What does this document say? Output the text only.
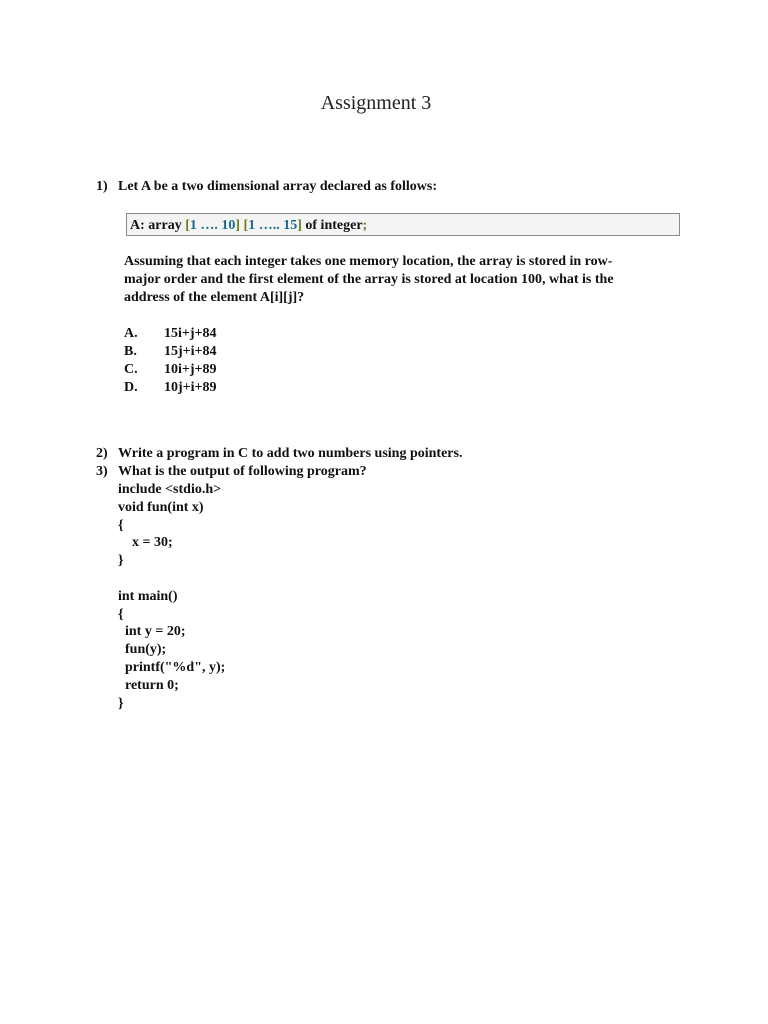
Assignment 3
1) Let A be a two dimensional array declared as follows:
A: array [1 …. 10] [1 ….. 15] of integer;
Assuming that each integer takes one memory location, the array is stored in row-
major order and the first element of the array is stored at location 100, what is the
address of the element A[i][j]?
A. 15i+j+84
B. 15j+i+84
C. 10i+j+89
D. 10j+i+89
2) Write a program in C to add two numbers using pointers.
3) What is the output of following program?
include <stdio.h>
void fun(int x)
{
x = 30;
}
int main()
{
int y = 20;
fun(y);
printf("%d", y);
return 0;
}
